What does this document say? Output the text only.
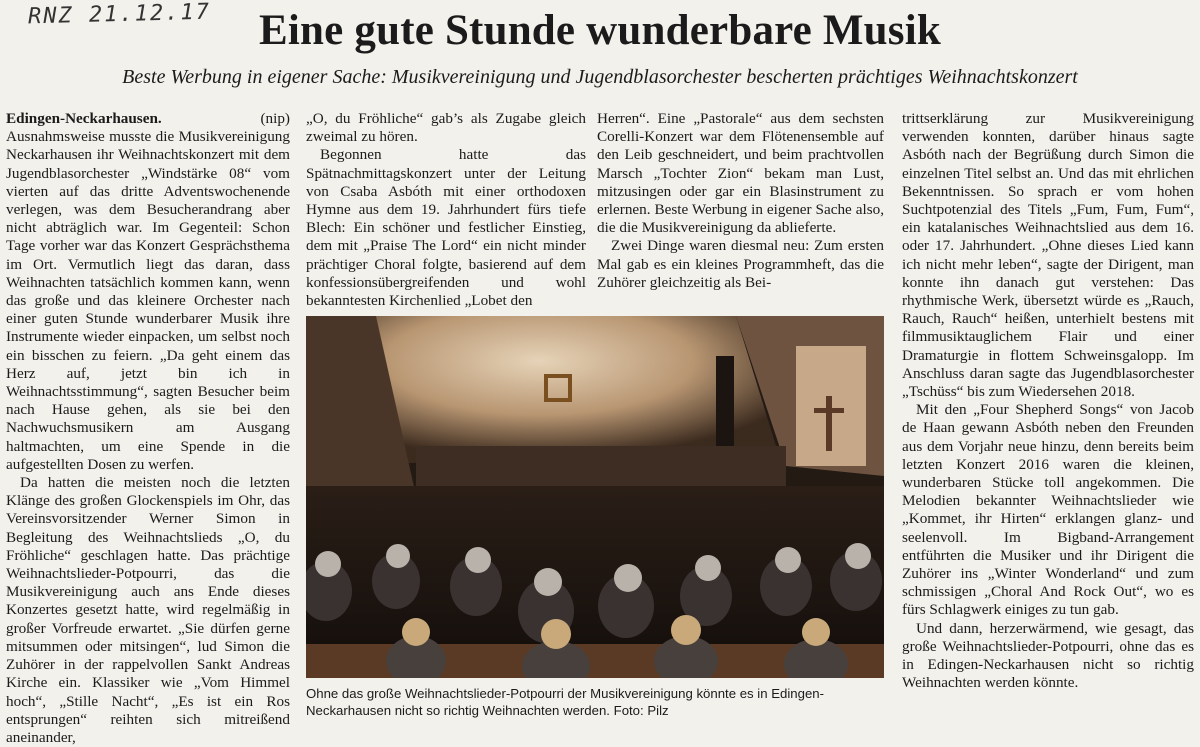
RNZ 21.12.17	Eine gute Stunde wunderbare Musik
Beste Werbung in eigener Sache: Musikvereinigung und Jugendblasorchester bescherten prächtiges Weihnachtskonzert

Edingen-Neckarhausen. (nip) Ausnahmsweise musste die Musikvereinigung Neckarhausen ihr Weihnachtskonzert mit dem Jugendblasorchester „Windstärke 08“ vom vierten auf das dritte Adventswochenende verlegen, was dem Besucherandrang aber nicht abträglich war. Im Gegenteil: Schon Tage vorher war das Konzert Gesprächsthema im Ort. Vermutlich liegt das daran, dass Weihnachten tatsächlich kommen kann, wenn das große und das kleinere Orchester nach einer guten Stunde wunderbarer Musik ihre Instrumente wieder einpacken, um selbst noch ein bisschen zu feiern. „Da geht einem das Herz auf, jetzt bin ich in Weihnachtsstimmung“, sagten Besucher beim nach Hause gehen, als sie bei den Nachwuchsmusikern am Ausgang haltmachten, um eine Spende in die aufgestellten Dosen zu werfen.

Da hatten die meisten noch die letzten Klänge des großen Glockenspiels im Ohr, das Vereinsvorsitzender Werner Simon in Begleitung des Weihnachtslieds „O, du Fröhliche“ geschlagen hatte. Das prächtige Weihnachtslieder-Potpourri, das die Musikvereinigung auch ans Ende dieses Konzertes gesetzt hatte, wird regelmäßig in großer Vorfreude erwartet. „Sie dürfen gerne mitsummen oder mitsingen“, lud Simon die Zuhörer in der rappelvollen Sankt Andreas Kirche ein. Klassiker wie „Vom Himmel hoch“, „Stille Nacht“, „Es ist ein Ros entsprungen“ reihten sich mitreißend aneinander,

„O, du Fröhliche“ gab’s als Zugabe gleich zweimal zu hören.

Begonnen hatte das Spätnachmittagskonzert unter der Leitung von Csaba Asbóth mit einer orthodoxen Hymne aus dem 19. Jahrhundert fürs tiefe Blech: Ein schöner und festlicher Einstieg, dem mit „Praise The Lord“ ein nicht minder prächtiger Choral folgte, basierend auf dem konfessionsübergreifenden und wohl bekanntesten Kirchenlied „Lobet den

Herren“. Eine „Pastorale“ aus dem sechsten Corelli-Konzert war dem Flötenensemble auf den Leib geschneidert, und beim prachtvollen Marsch „Tochter Zion“ bekam man Lust, mitzusingen oder gar ein Blasinstrument zu erlernen. Beste Werbung in eigener Sache also, die die Musikvereinigung da ablieferte.

Zwei Dinge waren diesmal neu: Zum ersten Mal gab es ein kleines Programmheft, das die Zuhörer gleichzeitig als Bei-

trittserklärung zur Musikvereinigung verwenden konnten, darüber hinaus sagte Asbóth nach der Begrüßung durch Simon die einzelnen Titel selbst an. Und das mit ehrlichen Bekenntnissen. So sprach er vom hohen Suchtpotenzial des Titels „Fum, Fum, Fum“, ein katalanisches Weihnachtslied aus dem 16. oder 17. Jahrhundert. „Ohne dieses Lied kann ich nicht mehr leben“, sagte der Dirigent, man konnte ihn danach gut verstehen: Das rhythmische Werk, übersetzt würde es „Rauch, Rauch, Rauch“ heißen, unterhielt bestens mit filmmusiktauglichem Flair und einer Dramaturgie in flottem Schweinsgalopp. Im Anschluss daran sagte das Jugendblasorchester „Tschüss“ bis zum Wiedersehen 2018.

Mit den „Four Shepherd Songs“ von Jacob de Haan gewann Asbóth neben den Freunden aus dem Vorjahr neue hinzu, denn bereits beim letzten Konzert 2016 waren die kleinen, wunderbaren Stücke toll angekommen. Die Melodien bekannter Weihnachtslieder wie „Kommet, ihr Hirten“ erklangen glanz- und seelenvoll. Im Bigband-Arrangement entführten die Musiker und ihr Dirigent die Zuhörer ins „Winter Wonderland“ und zum schmissigen „Choral And Rock Out“, wo es fürs Schlagwerk einiges zu tun gab.

Und dann, herzerwärmend, wie gesagt, das große Weihnachtslieder-Potpourri, ohne das es in Edingen-Neckarhausen nicht so richtig Weihnachten werden könnte.

Ohne das große Weihnachtslieder-Potpourri der Musikvereinigung könnte es in Edingen-Neckarhausen nicht so richtig Weihnachten werden. Foto: Pilz
